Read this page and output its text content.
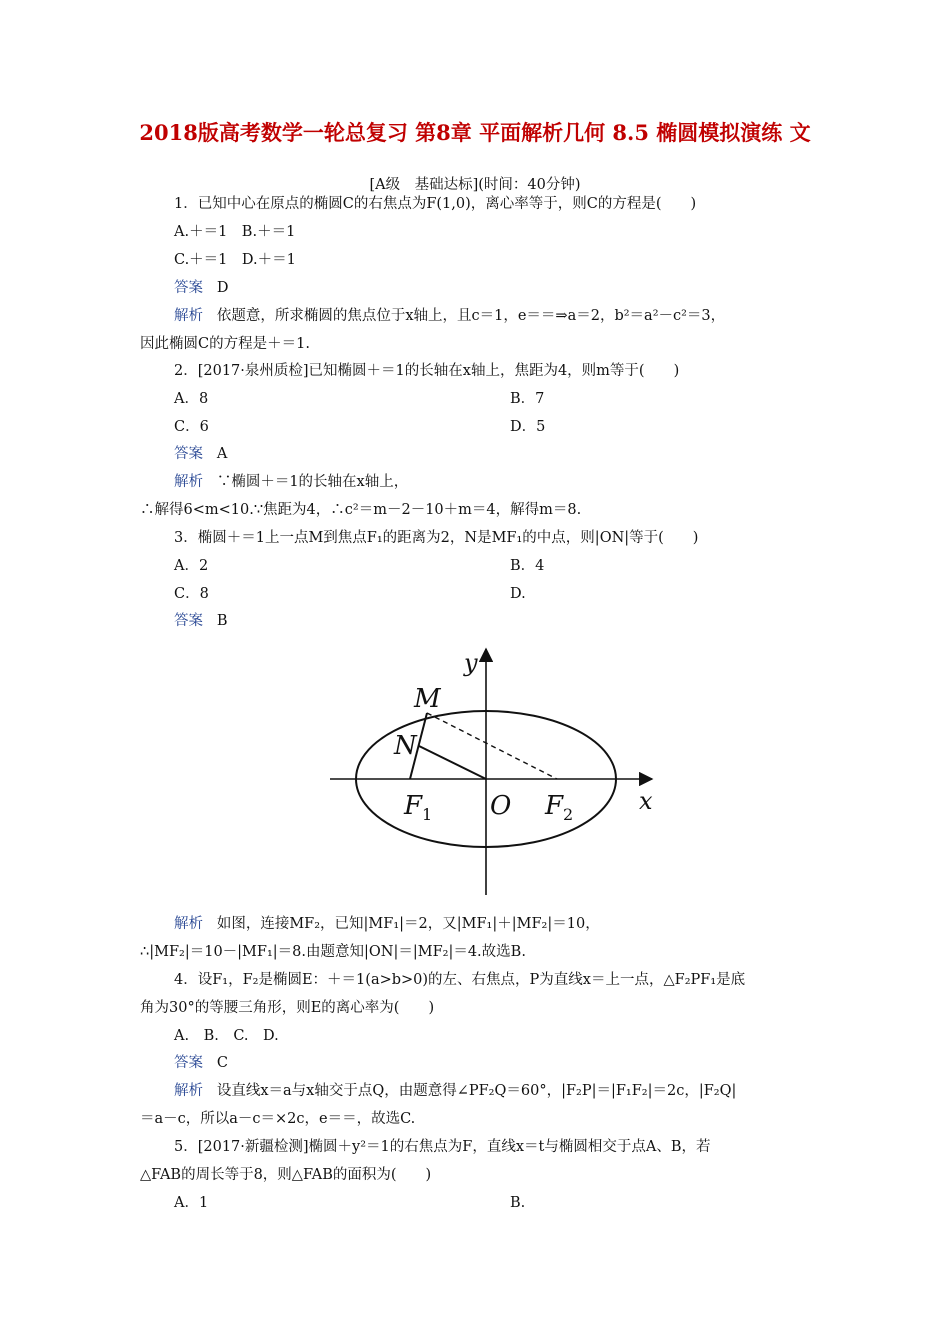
2018版高考数学一轮总复习 第8章 平面解析几何 8.5 椭圆模拟演练 文
[A级　基础达标](时间：40分钟)
1．已知中心在原点的椭圆C的右焦点为F(1,0)，离心率等于，则C的方程是(　　)
A.＋＝1　B.＋＝1
C.＋＝1　D.＋＝1
答案 D
解析 依题意，所求椭圆的焦点位于x轴上，且c＝1，e＝＝⇒a＝2，b²＝a²－c²＝3，
因此椭圆C的方程是＋＝1.
2．[2017·泉州质检]已知椭圆＋＝1的长轴在x轴上，焦距为4，则m等于(　　)
A．8	B．7
C．6	D．5
答案 A
解析 ∵椭圆＋＝1的长轴在x轴上，
∴解得6<m<10.∵焦距为4，∴c²＝m－2－10＋m＝4，解得m＝8.
3．椭圆＋＝1上一点M到焦点F₁的距离为2，N是MF₁的中点，则|ON|等于(　　)
A．2	B．4
C．8	D.
答案 B
y
M
N
x
$F_1$ O $F_2$
解析 如图，连接MF₂，已知|MF₁|＝2，又|MF₁|＋|MF₂|＝10，
∴|MF₂|＝10－|MF₁|＝8.由题意知|ON|＝|MF₂|＝4.故选B.
4．设F₁，F₂是椭圆E：＋＝1(a>b>0)的左、右焦点，P为直线x＝上一点，△F₂PF₁是底
角为30°的等腰三角形，则E的离心率为(　　)
A.　B.　C.　D.
答案 C
解析 设直线x＝a与x轴交于点Q，由题意得∠PF₂Q＝60°，|F₂P|＝|F₁F₂|＝2c，|F₂Q|
＝a－c，所以a－c＝×2c，e＝＝，故选C.
5．[2017·新疆检测]椭圆＋y²＝1的右焦点为F，直线x＝t与椭圆相交于点A、B，若
△FAB的周长等于8，则△FAB的面积为(　　)
A．1	B.
